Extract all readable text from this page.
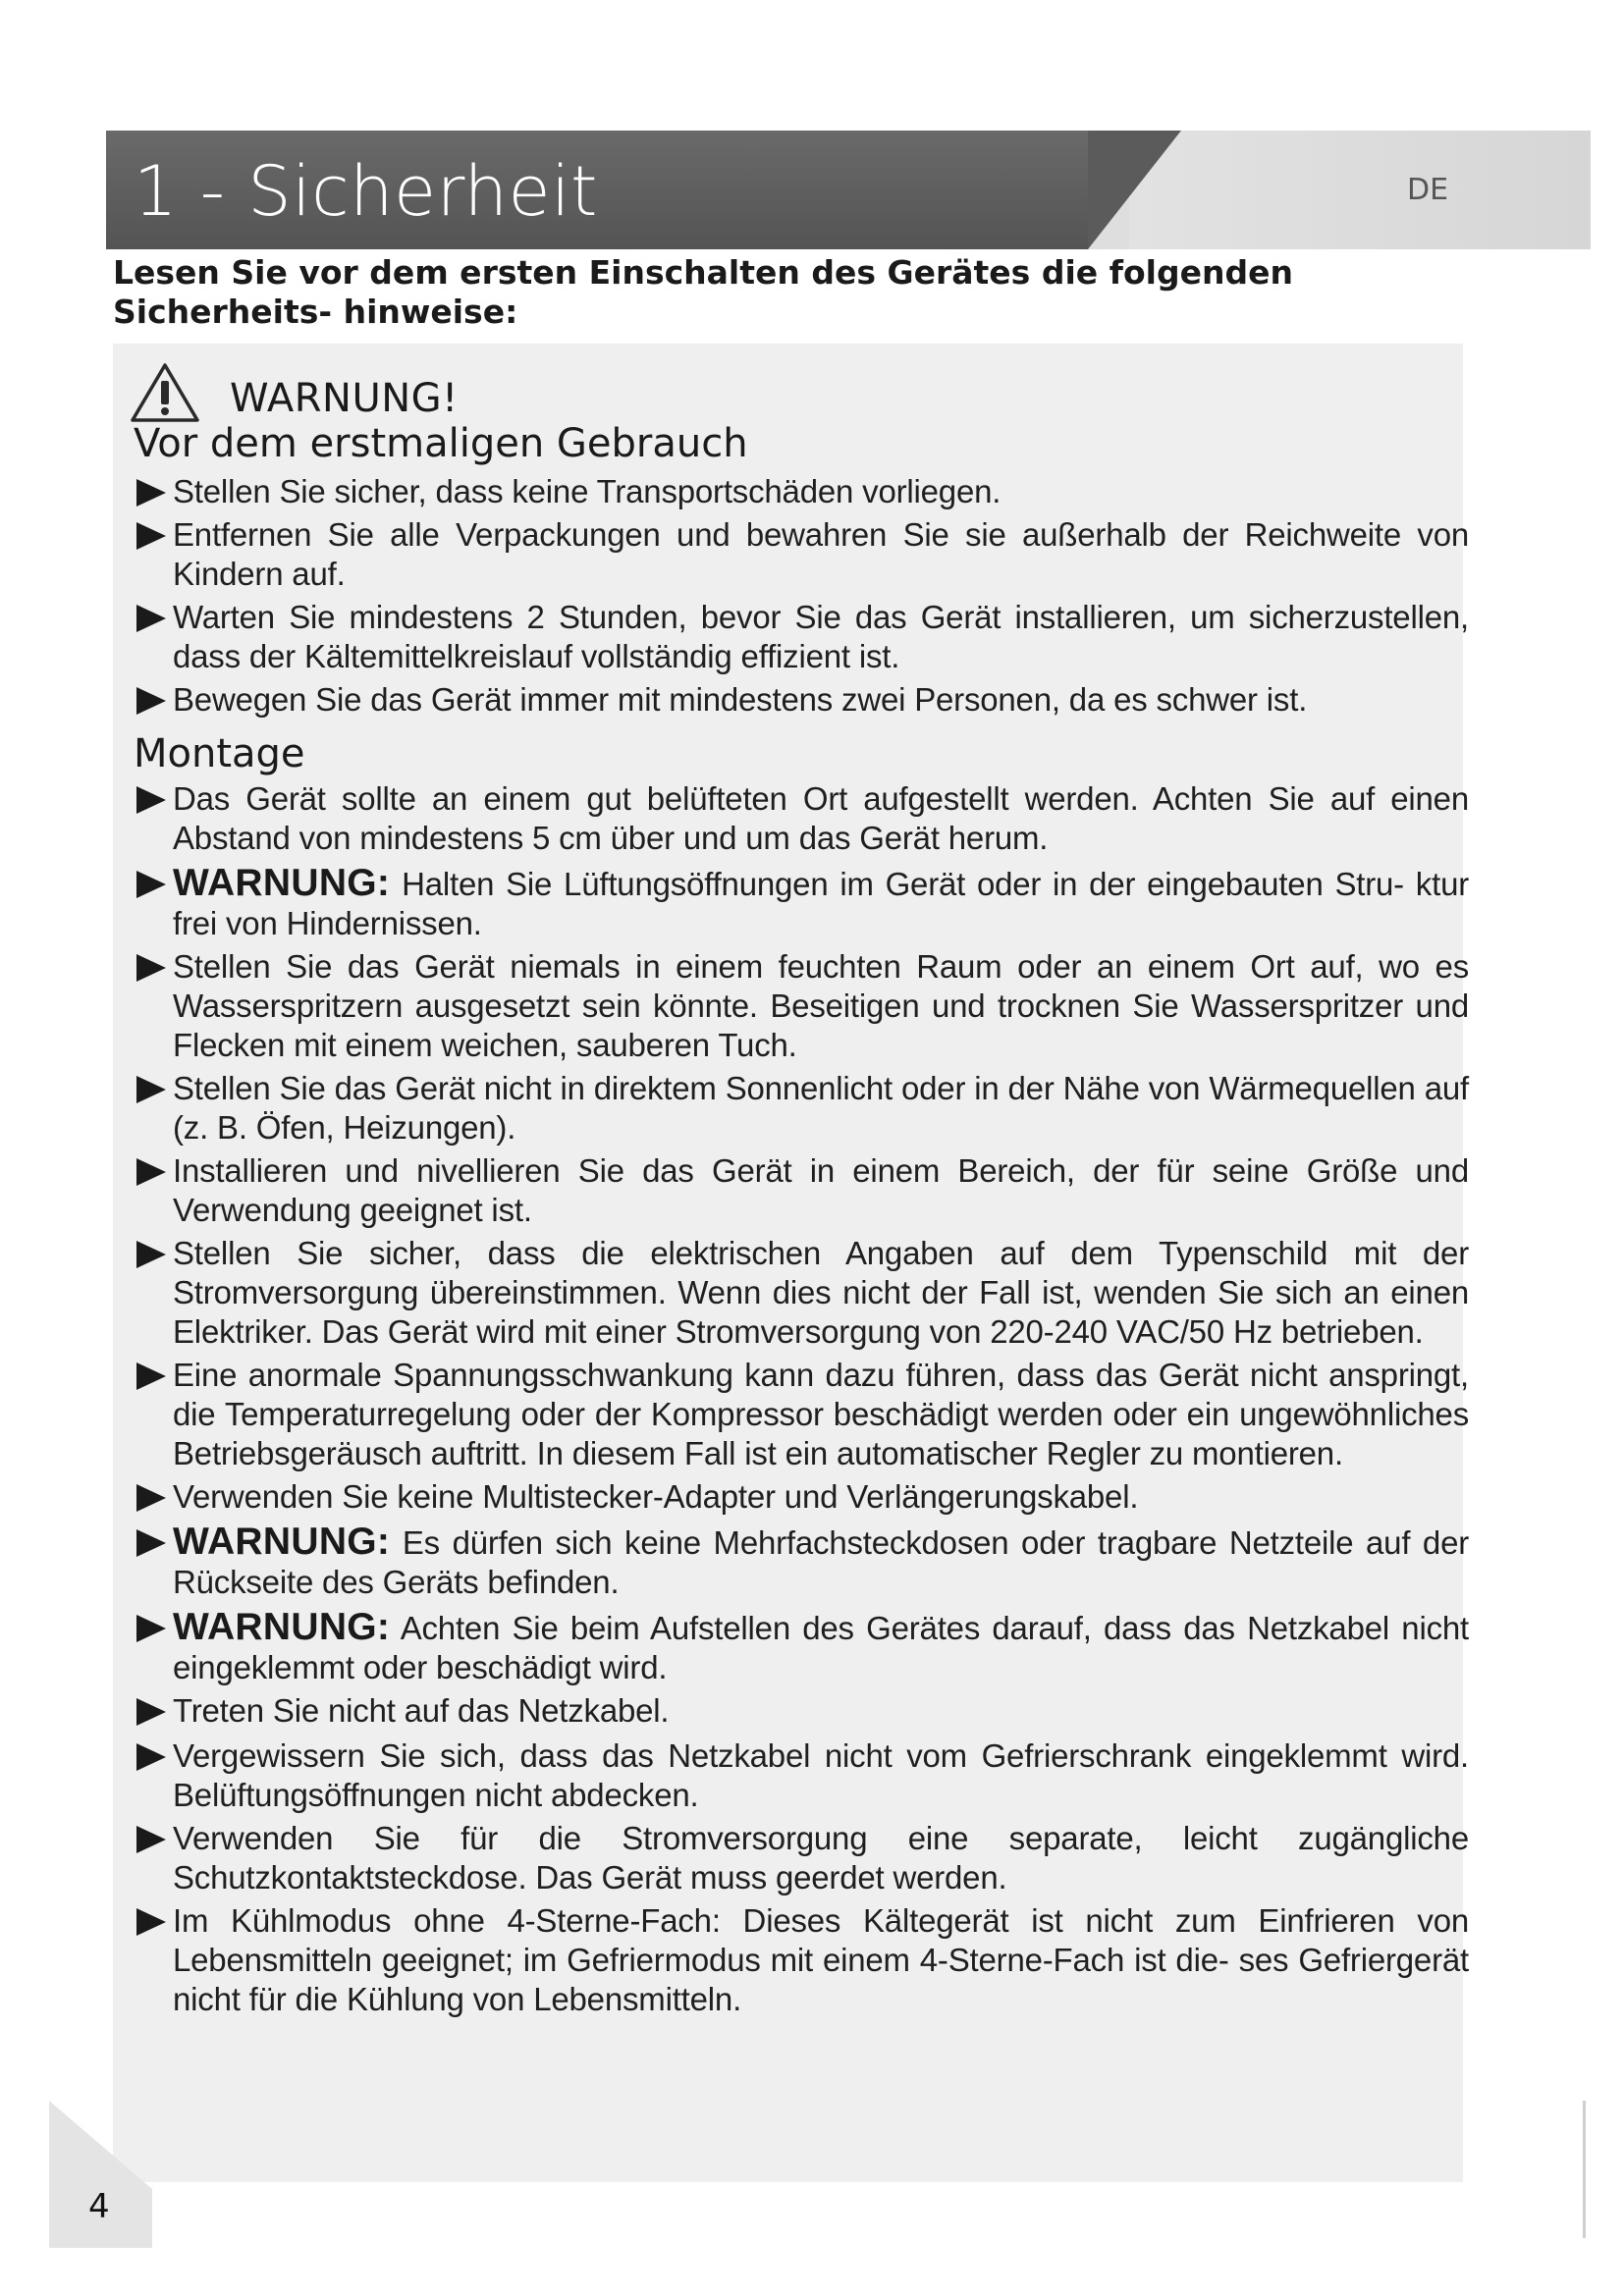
1 - Sicherheit	DE
Lesen Sie vor dem ersten Einschalten des Gerätes die folgenden Sicherheits- hinweise:
WARNUNG!
Vor dem erstmaligen Gebrauch
Stellen Sie sicher, dass keine Transportschäden vorliegen.
Entfernen Sie alle Verpackungen und bewahren Sie sie außerhalb der Reichweite von Kindern auf.
Warten Sie mindestens 2 Stunden, bevor Sie das Gerät installieren, um sicherzustellen, dass der Kältemittelkreislauf vollständig effizient ist.
Bewegen Sie das Gerät immer mit mindestens zwei Personen, da es schwer ist.
Montage
Das Gerät sollte an einem gut belüfteten Ort aufgestellt werden. Achten Sie auf einen Abstand von mindestens 5 cm über und um das Gerät herum.
WARNUNG: Halten Sie Lüftungsöffnungen im Gerät oder in der eingebauten Stru- ktur frei von Hindernissen.
Stellen Sie das Gerät niemals in einem feuchten Raum oder an einem Ort auf, wo es Wasserspritzern ausgesetzt sein könnte. Beseitigen und trocknen Sie Wasserspritzer und Flecken mit einem weichen, sauberen Tuch.
Stellen Sie das Gerät nicht in direktem Sonnenlicht oder in der Nähe von Wärmequellen auf (z. B. Öfen, Heizungen).
Installieren und nivellieren Sie das Gerät in einem Bereich, der für seine Größe und Verwendung geeignet ist.
Stellen Sie sicher, dass die elektrischen Angaben auf dem Typenschild mit der Stromversorgung übereinstimmen. Wenn dies nicht der Fall ist, wenden Sie sich an einen Elektriker. Das Gerät wird mit einer Stromversorgung von 220-240 VAC/50 Hz betrieben.
Eine anormale Spannungsschwankung kann dazu führen, dass das Gerät nicht anspringt, die Temperaturregelung oder der Kompressor beschädigt werden oder ein ungewöhnliches Betriebsgeräusch auftritt. In diesem Fall ist ein automatischer Regler zu montieren.
Verwenden Sie keine Multistecker-Adapter und Verlängerungskabel.
WARNUNG: Es dürfen sich keine Mehrfachsteckdosen oder tragbare Netzteile auf der Rückseite des Geräts befinden.
WARNUNG: Achten Sie beim Aufstellen des Gerätes darauf, dass das Netzkabel nicht eingeklemmt oder beschädigt wird.
Treten Sie nicht auf das Netzkabel.
Vergewissern Sie sich, dass das Netzkabel nicht vom Gefrierschrank eingeklemmt wird. Belüftungsöffnungen nicht abdecken.
Verwenden Sie für die Stromversorgung eine separate, leicht zugängliche Schutzkontaktsteckdose. Das Gerät muss geerdet werden.
Im Kühlmodus ohne 4-Sterne-Fach: Dieses Kältegerät ist nicht zum Einfrieren von Lebensmitteln geeignet; im Gefriermodus mit einem 4-Sterne-Fach ist die- ses Gefriergerät nicht für die Kühlung von Lebensmitteln.
4
